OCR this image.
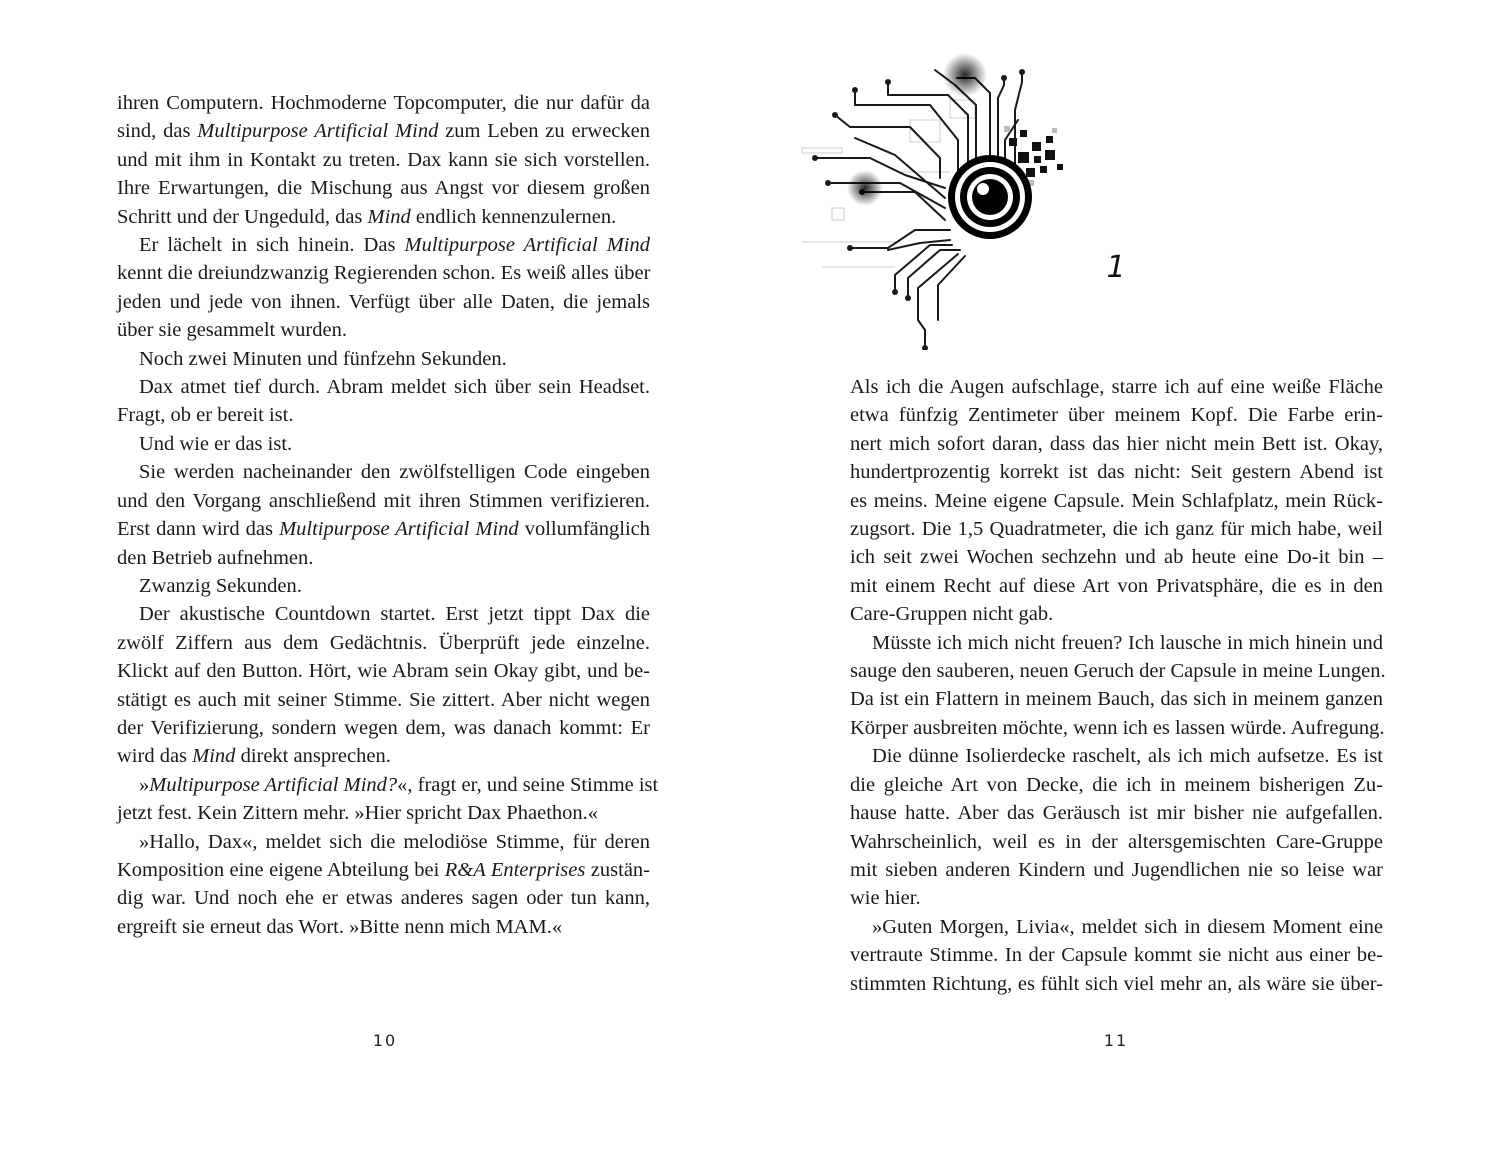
ihren Computern. Hochmoderne Topcomputer, die nur dafür da
sind, das Multipurpose Artificial Mind zum Leben zu erwecken
und mit ihm in Kontakt zu treten. Dax kann sie sich vorstellen.
Ihre Erwartungen, die Mischung aus Angst vor diesem großen
Schritt und der Ungeduld, das Mind endlich kennenzulernen.
Er lächelt in sich hinein. Das Multipurpose Artificial Mind
kennt die dreiundzwanzig Regierenden schon. Es weiß alles über
jeden und jede von ihnen. Verfügt über alle Daten, die jemals
über sie gesammelt wurden.
Noch zwei Minuten und fünfzehn Sekunden.
Dax atmet tief durch. Abram meldet sich über sein Headset.
Fragt, ob er bereit ist.
Und wie er das ist.
Sie werden nacheinander den zwölfstelligen Code eingeben
und den Vorgang anschließend mit ihren Stimmen verifizieren.
Erst dann wird das Multipurpose Artificial Mind vollumfänglich
den Betrieb aufnehmen.
Zwanzig Sekunden.
Der akustische Countdown startet. Erst jetzt tippt Dax die
zwölf Ziffern aus dem Gedächtnis. Überprüft jede einzelne.
Klickt auf den Button. Hört, wie Abram sein Okay gibt, und be-
stätigt es auch mit seiner Stimme. Sie zittert. Aber nicht wegen
der Verifizierung, sondern wegen dem, was danach kommt: Er
wird das Mind direkt ansprechen.
»Multipurpose Artificial Mind?«, fragt er, und seine Stimme ist
jetzt fest. Kein Zittern mehr. »Hier spricht Dax Phaethon.«
»Hallo, Dax«, meldet sich die melodiöse Stimme, für deren
Komposition eine eigene Abteilung bei R&A Enterprises zustän-
dig war. Und noch ehe er etwas anderes sagen oder tun kann,
ergreift sie erneut das Wort. »Bitte nenn mich MAM.«
1
Als ich die Augen aufschlage, starre ich auf eine weiße Fläche
etwa fünfzig Zentimeter über meinem Kopf. Die Farbe erin-
nert mich sofort daran, dass das hier nicht mein Bett ist. Okay,
hundertprozentig korrekt ist das nicht: Seit gestern Abend ist
es meins. Meine eigene Capsule. Mein Schlafplatz, mein Rück-
zugsort. Die 1,5 Quadratmeter, die ich ganz für mich habe, weil
ich seit zwei Wochen sechzehn und ab heute eine Do-it bin –
mit einem Recht auf diese Art von Privatsphäre, die es in den
Care-Gruppen nicht gab.
Müsste ich mich nicht freuen? Ich lausche in mich hinein und
sauge den sauberen, neuen Geruch der Capsule in meine Lungen.
Da ist ein Flattern in meinem Bauch, das sich in meinem ganzen
Körper ausbreiten möchte, wenn ich es lassen würde. Aufregung.
Die dünne Isolierdecke raschelt, als ich mich aufsetze. Es ist
die gleiche Art von Decke, die ich in meinem bisherigen Zu-
hause hatte. Aber das Geräusch ist mir bisher nie aufgefallen.
Wahrscheinlich, weil es in der altersgemischten Care-Gruppe
mit sieben anderen Kindern und Jugendlichen nie so leise war
wie hier.
»Guten Morgen, Livia«, meldet sich in diesem Moment eine
vertraute Stimme. In der Capsule kommt sie nicht aus einer be-
stimmten Richtung, es fühlt sich viel mehr an, als wäre sie über-
10	11
